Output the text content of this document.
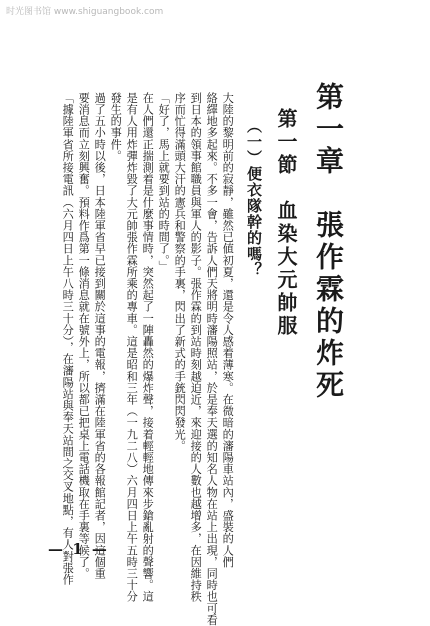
时光图书馆 www.shiguangbook.com
第一章　張作霖的炸死
第一節　血染大元帥服
（一）便衣隊幹的嗎？
大陸的黎明前的寂靜，雖然已値初夏，還是令人感着薄寒。在微暗的瀋陽車站內，盛裝的人們
絡繹地多起來。不多一會，告訴人們天將明時瀋陽照站，於是奉天選的知名人物在站上出現，同時也可看
到日本的領事館職員與軍人的影子。張作霖的到站時刻越迫近，來迎接的人數也越增多，在因維持秩
序而忙得滿頭大汗的憲兵和警察的手裏，閃出了新式的手銃閃閃發光。
「好了，馬上就要到站的時間了。」
在人們還正揣測着是什麼事情時，突然起了一陣轟然的爆炸聲，接着輕輕地傳來步鎗亂射的聲響。這
是有人用炸彈炸毀了大元帥張作霖所乘的專車。這是昭和三年（一九二八）六月四日上午五時三十分
發生的事件。
過了五小時以後，日本陸軍省早已接到關於這事的電報，擠滿在陸軍省的各報館記者，因這個重
要消息而立刻興奮。預料作爲第一條消息就在號外上，所以都已把桌上電話機取在手裏等候了。
「據陸軍省所接電訊（六月四日上午八時三十分），在瀋陽站與奉天站間之交叉地點，有人對張作
— 1 —
